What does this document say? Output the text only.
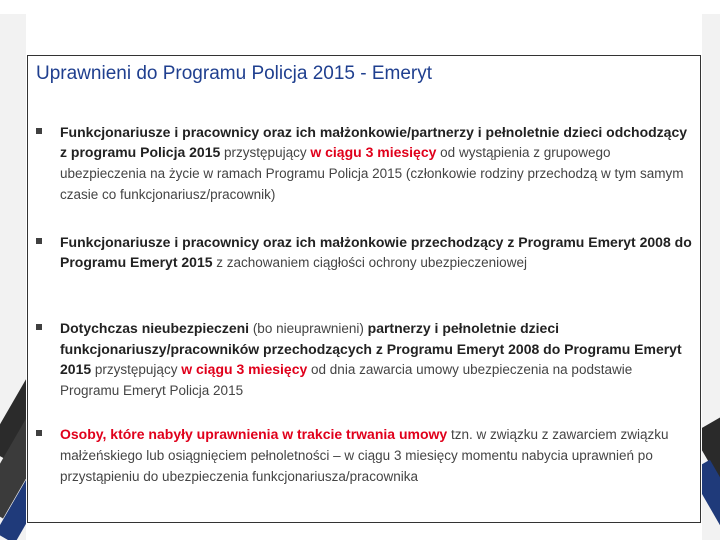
Uprawnieni do Programu Policja 2015 - Emeryt

Funkcjonariusze i pracownicy oraz ich małżonkowie/partnerzy i pełnoletnie dzieci odchodzący z programu Policja 2015 przystępujący w ciągu 3 miesięcy od wystąpienia z grupowego ubezpieczenia na życie w ramach Programu Policja 2015 (członkowie rodziny przechodzą w tym samym czasie co funkcjonariusz/pracownik)

Funkcjonariusze i pracownicy oraz ich małżonkowie przechodzący z Programu Emeryt 2008 do Programu Emeryt 2015 z zachowaniem ciągłości ochrony ubezpieczeniowej

Dotychczas nieubezpieczeni (bo nieuprawnieni) partnerzy i pełnoletnie dzieci funkcjonariuszy/pracowników przechodzących z Programu Emeryt 2008 do Programu Emeryt 2015 przystępujący w ciągu 3 miesięcy od dnia zawarcia umowy ubezpieczenia na podstawie Programu Emeryt Policja 2015

Osoby, które nabyły uprawnienia w trakcie trwania umowy tzn. w związku z zawarciem związku małżeńskiego lub osiągnięciem pełnoletności – w ciągu 3 miesięcy momentu nabycia uprawnień po przystąpieniu do ubezpieczenia funkcjonariusza/pracownika
